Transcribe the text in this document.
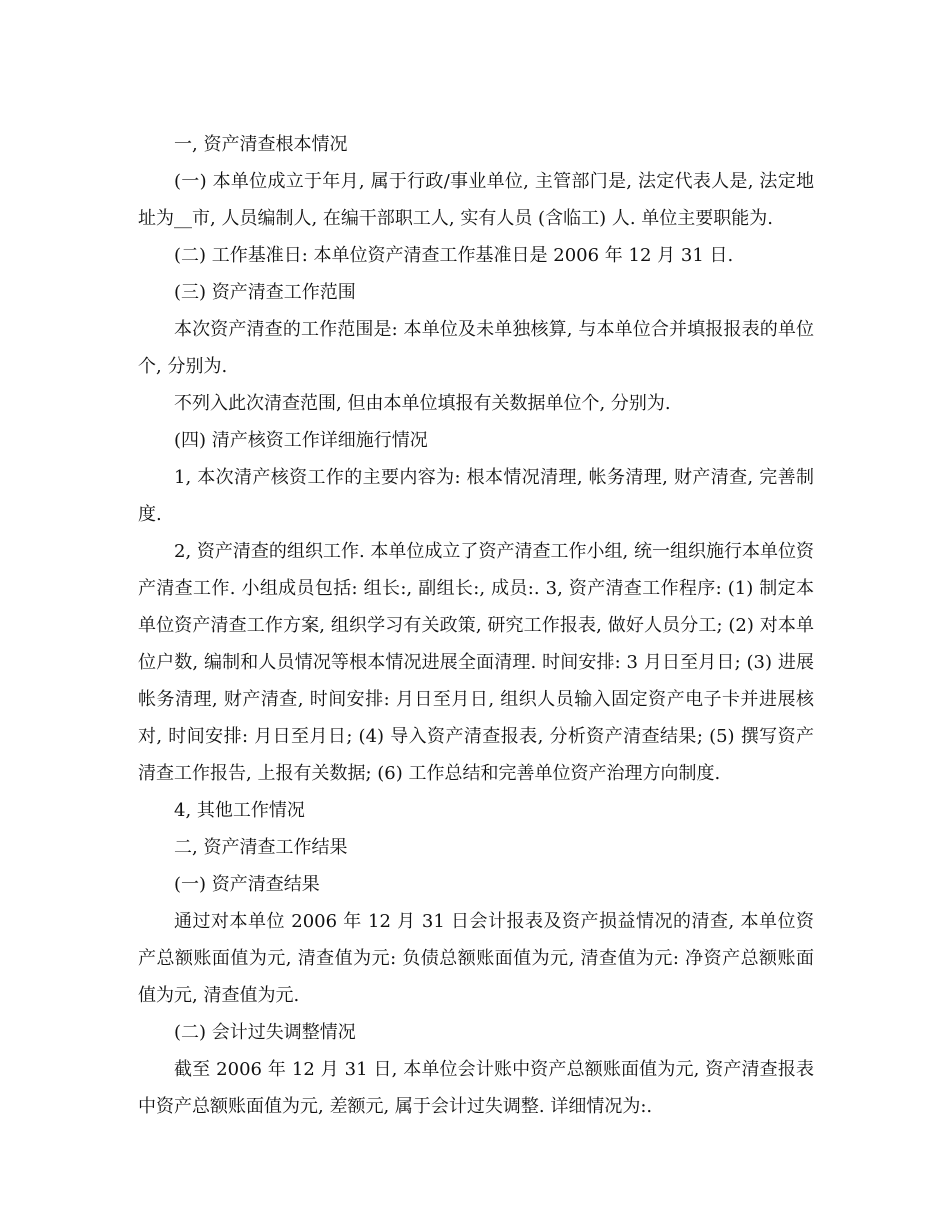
一, 资产清查根本情况

(一) 本单位成立于年月, 属于行政/事业单位, 主管部门是, 法定代表人是, 法定地址为__市, 人员编制人, 在编干部职工人, 实有人员 (含临工) 人. 单位主要职能为.

(二) 工作基准日: 本单位资产清查工作基准日是 2006 年 12 月 31 日.

(三) 资产清查工作范围

本次资产清查的工作范围是: 本单位及未单独核算, 与本单位合并填报报表的单位个, 分别为.

不列入此次清查范围, 但由本单位填报有关数据单位个, 分别为.

(四) 清产核资工作详细施行情况

1, 本次清产核资工作的主要内容为: 根本情况清理, 帐务清理, 财产清查, 完善制度.

2, 资产清查的组织工作. 本单位成立了资产清查工作小组, 统一组织施行本单位资产清查工作. 小组成员包括: 组长:, 副组长:, 成员:. 3, 资产清查工作程序: (1) 制定本单位资产清查工作方案, 组织学习有关政策, 研究工作报表, 做好人员分工; (2) 对本单位户数, 编制和人员情况等根本情况进展全面清理. 时间安排: 3 月日至月日; (3) 进展帐务清理, 财产清查, 时间安排: 月日至月日, 组织人员输入固定资产电子卡并进展核对, 时间安排: 月日至月日; (4) 导入资产清查报表, 分析资产清查结果; (5) 撰写资产清查工作报告, 上报有关数据; (6) 工作总结和完善单位资产治理方向制度.

4, 其他工作情况

二, 资产清查工作结果

(一) 资产清查结果

通过对本单位 2006 年 12 月 31 日会计报表及资产损益情况的清查, 本单位资产总额账面值为元, 清查值为元: 负债总额账面值为元, 清查值为元: 净资产总额账面值为元, 清查值为元.

(二) 会计过失调整情况

截至 2006 年 12 月 31 日, 本单位会计账中资产总额账面值为元, 资产清查报表中资产总额账面值为元, 差额元, 属于会计过失调整. 详细情况为:.
